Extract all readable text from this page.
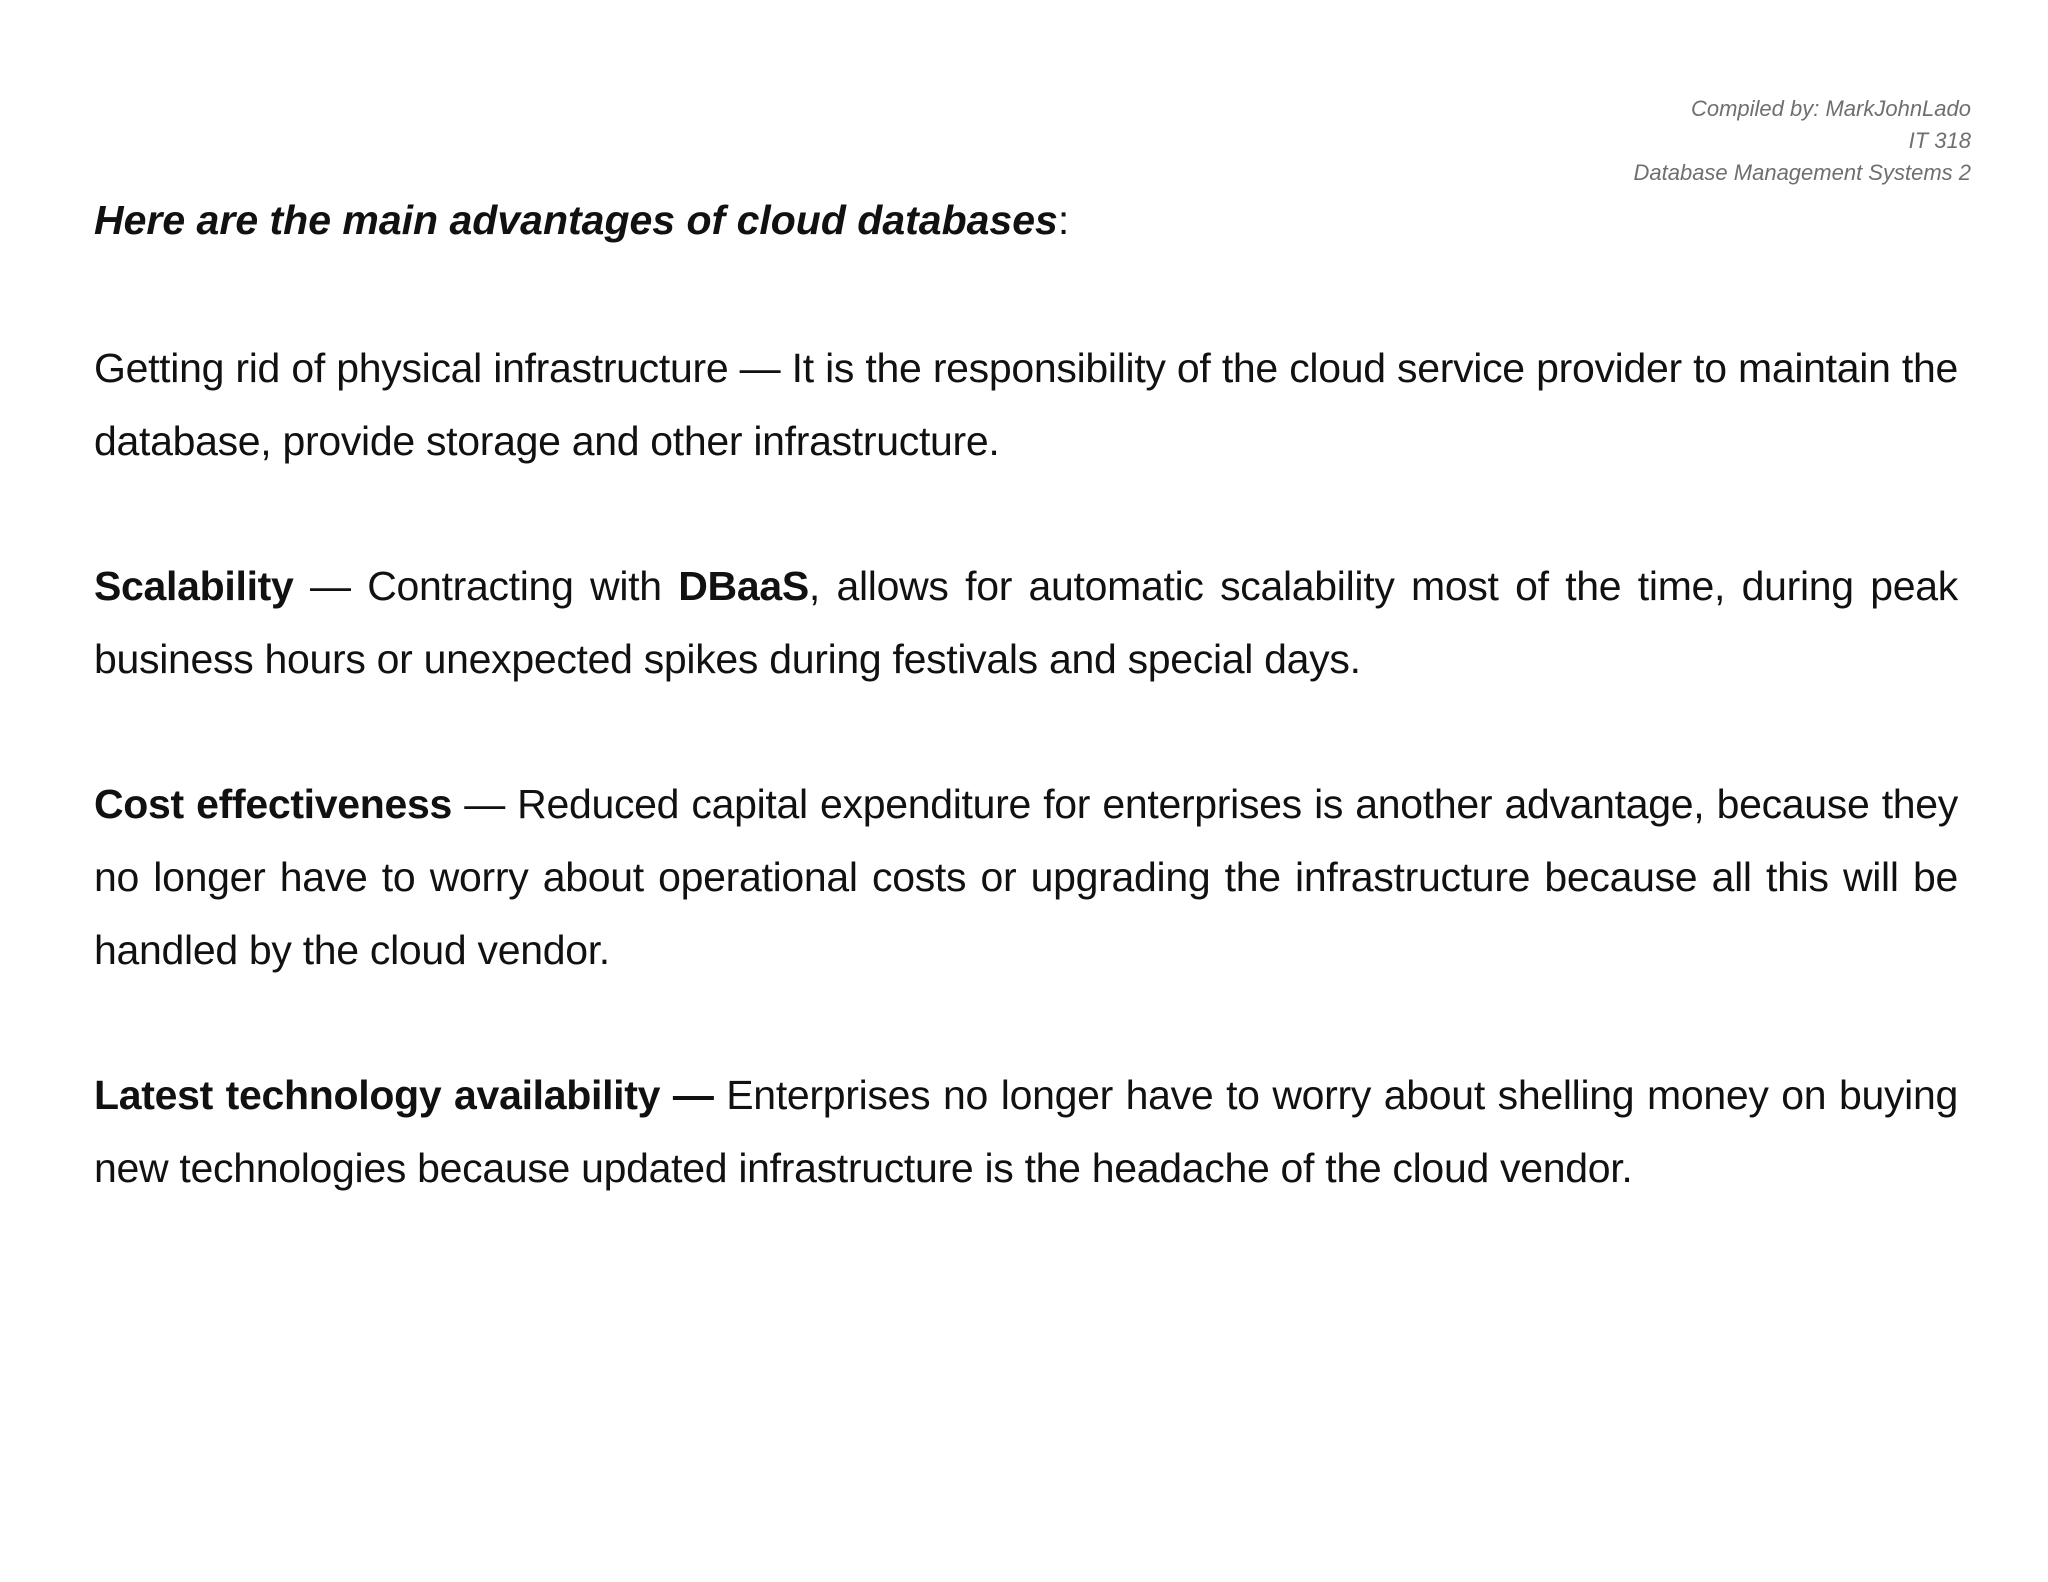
Compiled by: MarkJohnLado
IT 318
Database Management Systems 2
Here are the main advantages of cloud databases:
Getting rid of physical infrastructure — It is the responsibility of the cloud service provider to maintain the database, provide storage and other infrastructure.
Scalability — Contracting with DBaaS, allows for automatic scalability most of the time, during peak business hours or unexpected spikes during festivals and special days.
Cost effectiveness — Reduced capital expenditure for enterprises is another advantage, because they no longer have to worry about operational costs or upgrading the infrastructure because all this will be handled by the cloud vendor.
Latest technology availability — Enterprises no longer have to worry about shelling money on buying new technologies because updated infrastructure is the headache of the cloud vendor.
